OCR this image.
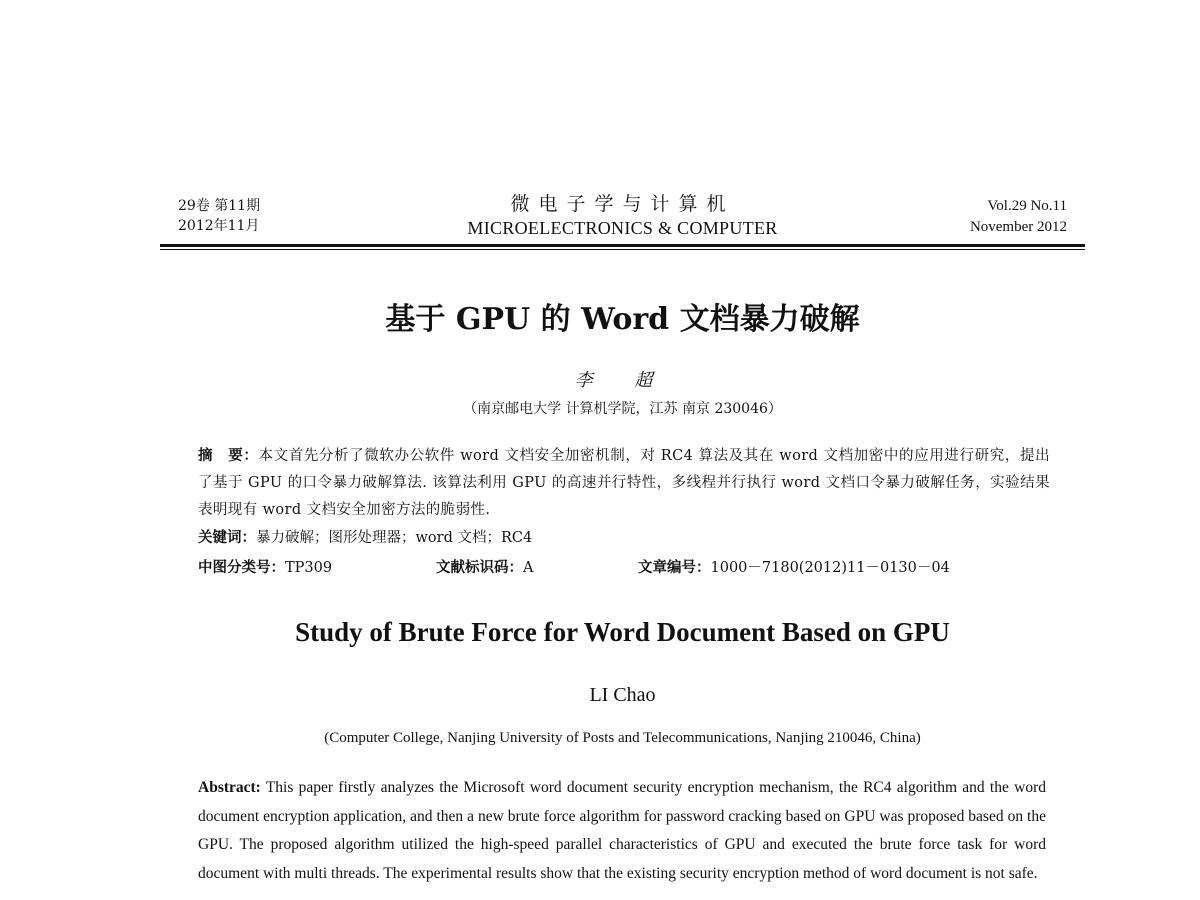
29卷 第11期
2012年11月
微电子学与计算机
MICROELECTRONICS & COMPUTER
Vol.29 No.11
November 2012
基于 GPU 的 Word 文档暴力破解
李 超
（南京邮电大学 计算机学院，江苏 南京 230046）
摘　要：本文首先分析了微软办公软件 word 文档安全加密机制，对 RC4 算法及其在 word 文档加密中的应用进行研究，提出了基于 GPU 的口令暴力破解算法. 该算法利用 GPU 的高速并行特性，多线程并行执行 word 文档口令暴力破解任务，实验结果表明现有 word 文档安全加密方法的脆弱性.
关键词：暴力破解；图形处理器；word 文档；RC4
中图分类号：TP309	文献标识码：A	文章编号：1000－7180(2012)11－0130－04
Study of Brute Force for Word Document Based on GPU
LI Chao
(Computer College, Nanjing University of Posts and Telecommunications, Nanjing 210046, China)
Abstract: This paper firstly analyzes the Microsoft word document security encryption mechanism, the RC4 algorithm and the word document encryption application, and then a new brute force algorithm for password cracking based on GPU was proposed based on the GPU. The proposed algorithm utilized the high-speed parallel characteristics of GPU and executed the brute force task for word document with multi threads. The experimental results show that the existing security encryption method of word document is not safe.
